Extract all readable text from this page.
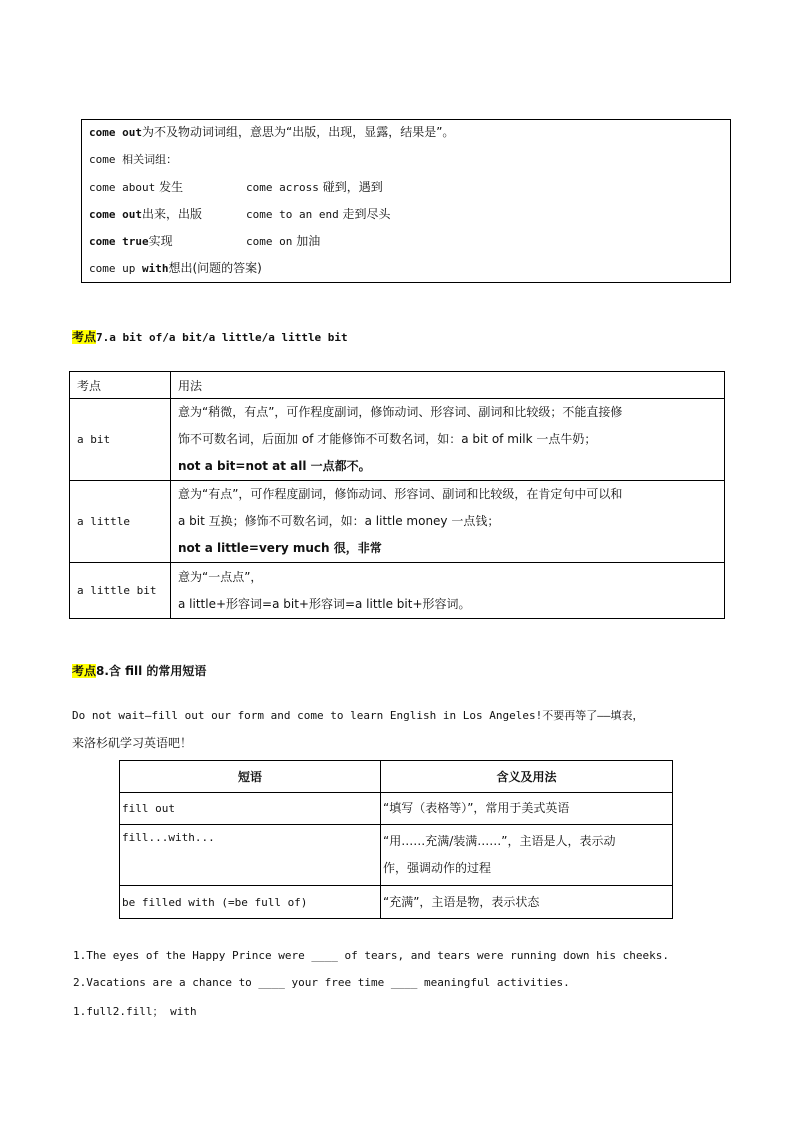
come out为不及物动词词组，意思为“出版，出现，显露，结果是”。
come 相关词组：
come about 发生	come across 碰到，遇到
come out出来，出版	come to an end 走到尽头
come true实现	come on 加油
come up with想出(问题的答案)
考点7.a bit of/a bit/a little/a little bit
考点	用法
a bit	意为“稍微，有点”，可作程度副词，修饰动词、形容词、副词和比较级；不能直接修
饰不可数名词，后面加 of 才能修饰不可数名词，如：a bit of milk 一点牛奶；
not a bit=not at all 一点都不。

a little	意为“有点”，可作程度副词，修饰动词、形容词、副词和比较级，在肯定句中可以和
a bit 互换；修饰不可数名词，如：a little money 一点钱；
not a little=very much 很，非常

a little bit	意为“一点点”，
a little+形容词=a bit+形容词=a little bit+形容词。
考点8.含 fill 的常用短语
Do not wait—fill out our form and come to learn English in Los Angeles!不要再等了——填表，
来洛杉矶学习英语吧！
短语	含义及用法
fill out	“填写（表格等）”，常用于美式英语

fill...with...	“用……充满/装满……”，主语是人，表示动
作，强调动作的过程

be filled with (=be full of)	“充满”，主语是物，表示状态
1.The eyes of the Happy Prince were ____ of tears, and tears were running down his cheeks.
2.Vacations are a chance to ____ your free time ____ meaningful activities.
1.full2.fill； with
